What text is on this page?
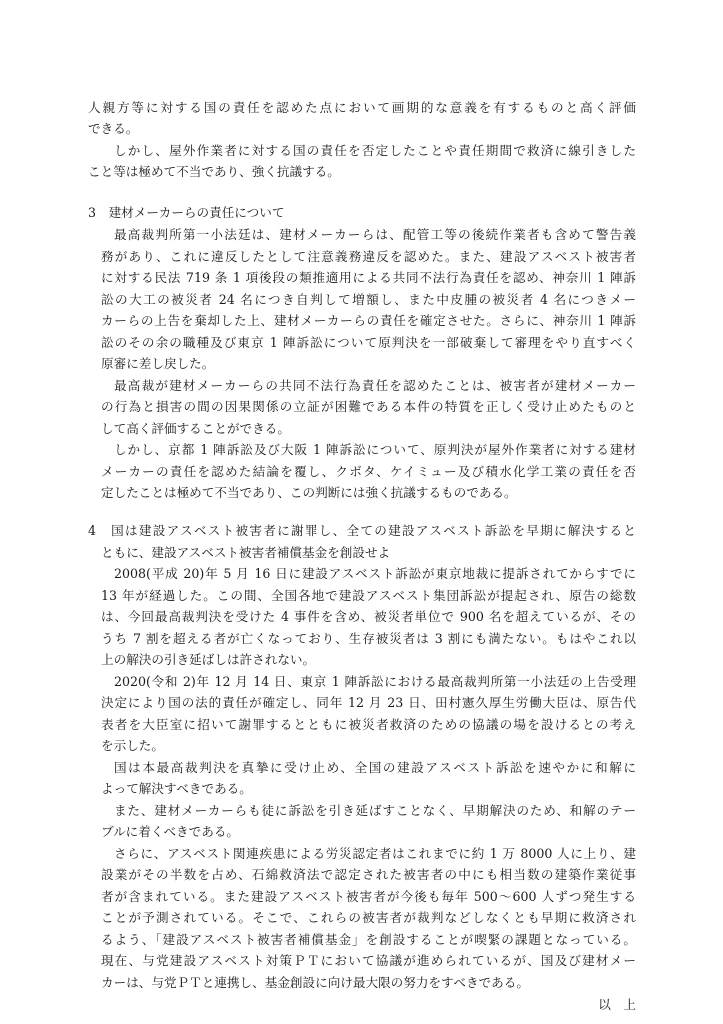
人親方等に対する国の責任を認めた点において画期的な意義を有するものと高く評価
できる。
しかし、屋外作業者に対する国の責任を否定したことや責任期間で救済に線引きした
こと等は極めて不当であり、強く抗議する。
3　建材メーカーらの責任について
最高裁判所第一小法廷は、建材メーカーらは、配管工等の後続作業者も含めて警告義
務があり、これに違反したとして注意義務違反を認めた。また、建設アスベスト被害者
に対する民法 719 条 1 項後段の類推適用による共同不法行為責任を認め、神奈川 1 陣訴
訟の大工の被災者 24 名につき自判して増額し、また中皮腫の被災者 4 名につきメー
カーらの上告を棄却した上、建材メーカーらの責任を確定させた。さらに、神奈川 1 陣訴
訟のその余の職種及び東京 1 陣訴訟について原判決を一部破棄して審理をやり直すべく
原審に差し戻した。
最高裁が建材メーカーらの共同不法行為責任を認めたことは、被害者が建材メーカー
の行為と損害の間の因果関係の立証が困難である本件の特質を正しく受け止めたものと
して高く評価することができる。
しかし、京都 1 陣訴訟及び大阪 1 陣訴訟について、原判決が屋外作業者に対する建材
メーカーの責任を認めた結論を覆し、クボタ、ケイミュー及び積水化学工業の責任を否
定したことは極めて不当であり、この判断には強く抗議するものである。
4　国は建設アスベスト被害者に謝罪し、全ての建設アスベスト訴訟を早期に解決すると
ともに、建設アスベスト被害者補償基金を創設せよ
2008(平成 20)年 5 月 16 日に建設アスベスト訴訟が東京地裁に提訴されてからすでに
13 年が経過した。この間、全国各地で建設アスベスト集団訴訟が提起され、原告の総数
は、今回最高裁判決を受けた 4 事件を含め、被災者単位で 900 名を超えているが、その
うち 7 割を超える者が亡くなっており、生存被災者は 3 割にも満たない。もはやこれ以
上の解決の引き延ばしは許されない。
2020(令和 2)年 12 月 14 日、東京 1 陣訴訟における最高裁判所第一小法廷の上告受理
決定により国の法的責任が確定し、同年 12 月 23 日、田村憲久厚生労働大臣は、原告代
表者を大臣室に招いて謝罪するとともに被災者救済のための協議の場を設けるとの考え
を示した。
国は本最高裁判決を真摯に受け止め、全国の建設アスベスト訴訟を速やかに和解に
よって解決すべきである。
また、建材メーカーらも徒に訴訟を引き延ばすことなく、早期解決のため、和解のテー
ブルに着くべきである。
さらに、アスベスト関連疾患による労災認定者はこれまでに約 1 万 8000 人に上り、建
設業がその半数を占め、石綿救済法で認定された被害者の中にも相当数の建築作業従事
者が含まれている。また建設アスベスト被害者が今後も毎年 500～600 人ずつ発生する
ことが予測されている。そこで、これらの被害者が裁判などしなくとも早期に救済され
るよう、「建設アスベスト被害者補償基金」を創設することが喫緊の課題となっている。
現在、与党建設アスベスト対策ＰＴにおいて協議が進められているが、国及び建材メー
カーは、与党ＰＴと連携し、基金創設に向け最大限の努力をすべきである。
以　上
